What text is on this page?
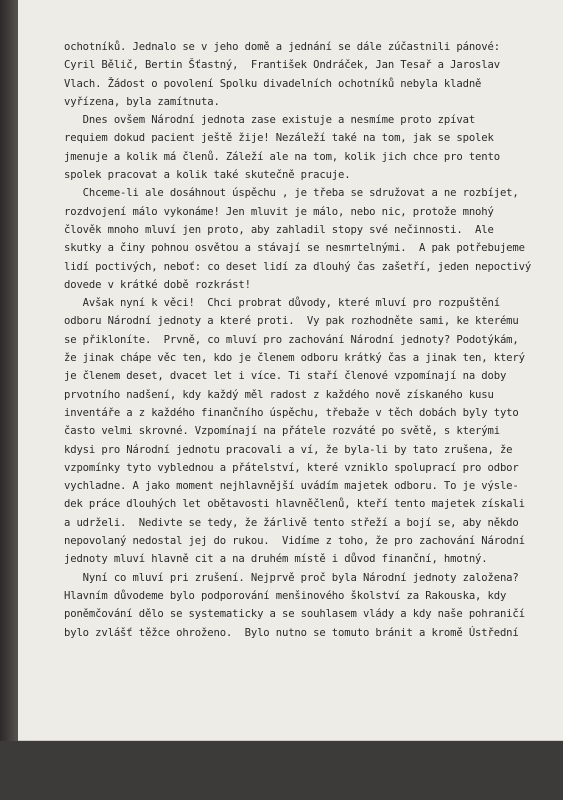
ochotníků. Jednalo se v jeho domě a jednání se dále zúčastnili pánové:
Cyril Bělič, Bertin Šťastný,  František Ondráček, Jan Tesař a Jaroslav
Vlach. Žádost o povolení Spolku divadelních ochotníků nebyla kladně
vyřízena, byla zamítnuta.
Dnes ovšem Národní jednota zase existuje a nesmíme proto zpívat
requiem dokud pacient ještě žije! Nezáleží také na tom, jak se spolek
jmenuje a kolik má členů. Záleží ale na tom, kolik jich chce pro tento
spolek pracovat a kolik také skutečně pracuje.
Chceme-li ale dosáhnout úspěchu , je třeba se sdružovat a ne rozbíjet,
rozdvojení málo vykonáme! Jen mluvit je málo, nebo nic, protože mnohý
člověk mnoho mluví jen proto, aby zahladil stopy své nečinnosti.  Ale
skutky a činy pohnou osvětou a stávají se nesmrtelnými.  A pak potřebujeme
lidí poctivých, neboť: co deset lidí za dlouhý čas zašetří, jeden nepoctivý
dovede v krátké době rozkrást!
Avšak nyní k věci!  Chci probrat důvody, které mluví pro rozpuštění
odboru Národní jednoty a které proti.  Vy pak rozhodněte sami, ke kterému
se přikloníte.  Prvně, co mluví pro zachování Národní jednoty? Podotýkám,
že jinak chápe věc ten, kdo je členem odboru krátký čas a jinak ten, který
je členem deset, dvacet let i více. Ti staří členové vzpomínají na doby
prvotního nadšení, kdy každý měl radost z každého nově získaného kusu
inventáře a z každého finančního úspěchu, třebaže v těch dobách byly tyto
často velmi skrovné. Vzpomínají na přátele rozváté po světě, s kterými
kdysi pro Národní jednotu pracovali a ví, že byla-li by tato zrušena, že
vzpomínky tyto vyblednou a přátelství, které vzniklo spoluprací pro odbor
vychladne. A jako moment nejhlavnější uvádím majetek odboru. To je výsle-
dek práce dlouhých let obětavosti hlavněčlenů, kteří tento majetek získali
a udrželi.  Nedivte se tedy, že žárlivě tento střeží a bojí se, aby někdo
nepovolaný nedostal jej do rukou.  Vidíme z toho, že pro zachování Národní
jednoty mluví hlavně cit a na druhém místě i důvod finanční, hmotný.
Nyní co mluví pri zrušení. Nejprvě proč byla Národní jednoty založena?
Hlavním důvodeme bylo podporování menšinového školství za Rakouska, kdy
poněmčování dělo se systematicky a se souhlasem vlády a kdy naše pohraničí
bylo zvlášť těžce ohroženo.  Bylo nutno se tomuto bránit a kromě Ústřední
